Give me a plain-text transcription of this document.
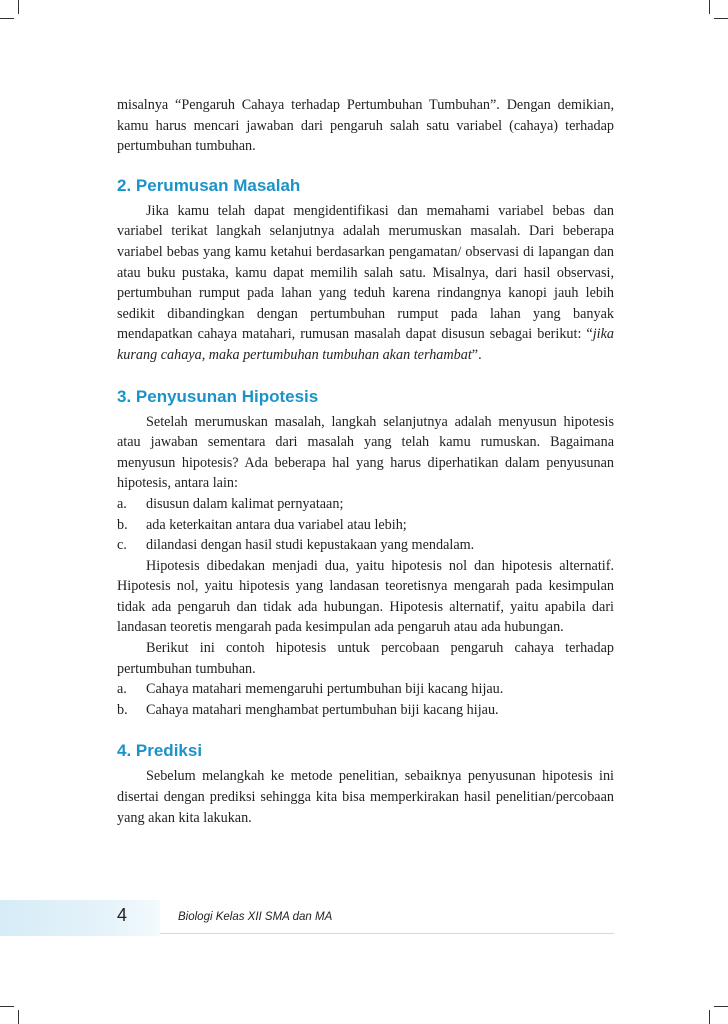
misalnya “Pengaruh Cahaya terhadap Pertumbuhan Tumbuhan”. Dengan demikian, kamu harus mencari jawaban dari pengaruh salah satu variabel (cahaya) terhadap pertumbuhan tumbuhan.

2. Perumusan Masalah

Jika kamu telah dapat mengidentifikasi dan memahami variabel bebas dan variabel terikat langkah selanjutnya adalah merumuskan masalah. Dari beberapa variabel bebas yang kamu ketahui berdasarkan pengamatan/ observasi di lapangan dan atau buku pustaka, kamu dapat memilih salah satu. Misalnya, dari hasil observasi, pertumbuhan rumput pada lahan yang teduh karena rindangnya kanopi jauh lebih sedikit dibandingkan dengan pertumbuhan rumput pada lahan yang banyak mendapatkan cahaya matahari, rumusan masalah dapat disusun sebagai berikut: “jika kurang cahaya, maka pertumbuhan tumbuhan akan terhambat”.

3. Penyusunan Hipotesis

Setelah merumuskan masalah, langkah selanjutnya adalah menyusun hipotesis atau jawaban sementara dari masalah yang telah kamu rumuskan. Bagaimana menyusun hipotesis? Ada beberapa hal yang harus diperhatikan dalam penyusunan hipotesis, antara lain:

a.	disusun dalam kalimat pernyataan;
b.	ada keterkaitan antara dua variabel atau lebih;
c.	dilandasi dengan hasil studi kepustakaan yang mendalam.

Hipotesis dibedakan menjadi dua, yaitu hipotesis nol dan hipotesis alternatif. Hipotesis nol, yaitu hipotesis yang landasan teoretisnya mengarah pada kesimpulan tidak ada pengaruh dan tidak ada hubungan. Hipotesis alternatif, yaitu apabila dari landasan teoretis mengarah pada kesimpulan ada pengaruh atau ada hubungan.

Berikut ini contoh hipotesis untuk percobaan pengaruh cahaya terhadap pertumbuhan tumbuhan.

a.	Cahaya matahari memengaruhi pertumbuhan biji kacang hijau.
b.	Cahaya matahari menghambat pertumbuhan biji kacang hijau.
4. Prediksi

Sebelum melangkah ke metode penelitian, sebaiknya penyusunan hipotesis ini disertai dengan prediksi sehingga kita bisa memperkirakan hasil penelitian/percobaan yang akan kita lakukan.

4	Biologi Kelas XII SMA dan MA
